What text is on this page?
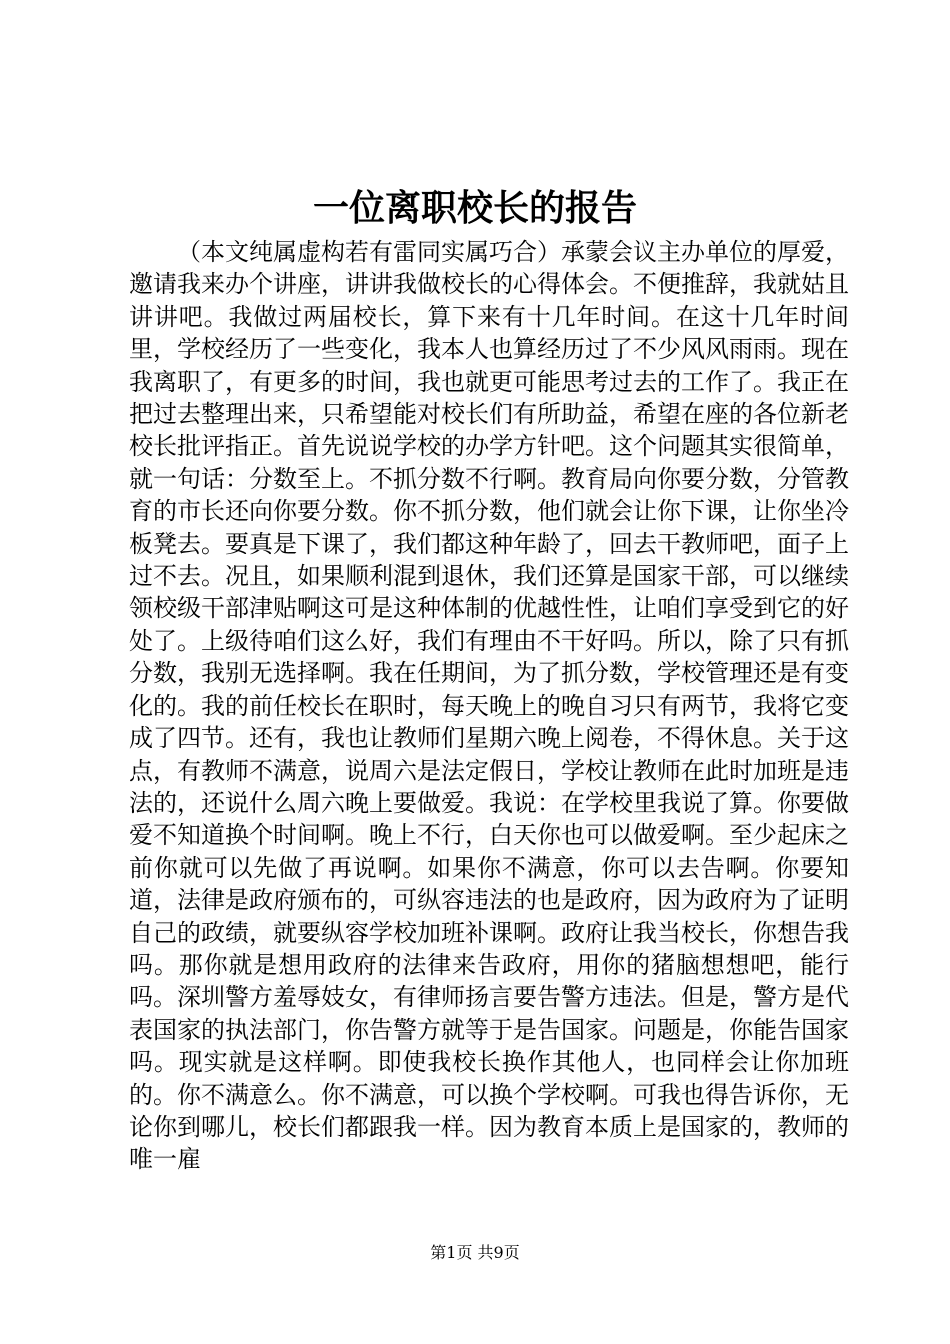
一位离职校长的报告

（本文纯属虚构若有雷同实属巧合）承蒙会议主办单位的厚爱，邀请我来办个讲座，讲讲我做校长的心得体会。不便推辞，我就姑且讲讲吧。我做过两届校长，算下来有十几年时间。在这十几年时间里，学校经历了一些变化，我本人也算经历过了不少风风雨雨。现在我离职了，有更多的时间，我也就更可能思考过去的工作了。我正在把过去整理出来，只希望能对校长们有所助益，希望在座的各位新老校长批评指正。首先说说学校的办学方针吧。这个问题其实很简单，就一句话：分数至上。不抓分数不行啊。教育局向你要分数，分管教育的市长还向你要分数。你不抓分数，他们就会让你下课，让你坐冷板凳去。要真是下课了，我们都这种年龄了，回去干教师吧，面子上过不去。况且，如果顺利混到退休，我们还算是国家干部，可以继续领校级干部津贴啊这可是这种体制的优越性性，让咱们享受到它的好处了。上级待咱们这么好，我们有理由不干好吗。所以，除了只有抓分数，我别无选择啊。我在任期间，为了抓分数，学校管理还是有变化的。我的前任校长在职时，每天晚上的晚自习只有两节，我将它变成了四节。还有，我也让教师们星期六晚上阅卷，不得休息。关于这点，有教师不满意，说周六是法定假日，学校让教师在此时加班是违法的，还说什么周六晚上要做爱。我说：在学校里我说了算。你要做爱不知道换个时间啊。晚上不行，白天你也可以做爱啊。至少起床之前你就可以先做了再说啊。如果你不满意，你可以去告啊。你要知道，法律是政府颁布的，可纵容违法的也是政府，因为政府为了证明自己的政绩，就要纵容学校加班补课啊。政府让我当校长，你想告我吗。那你就是想用政府的法律来告政府，用你的猪脑想想吧，能行吗。深圳警方羞辱妓女，有律师扬言要告警方违法。但是，警方是代表国家的执法部门，你告警方就等于是告国家。问题是，你能告国家吗。现实就是这样啊。即使我校长换作其他人，也同样会让你加班的。你不满意么。你不满意，可以换个学校啊。可我也得告诉你，无论你到哪儿，校长们都跟我一样。因为教育本质上是国家的，教师的唯一雇

第1页 共9页
